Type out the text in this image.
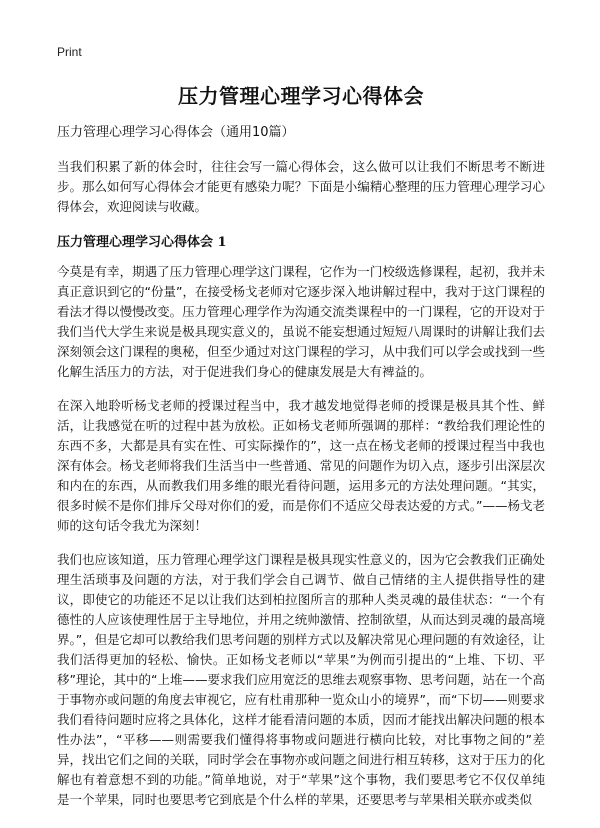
Print
压力管理心理学习心得体会
压力管理心理学习心得体会（通用10篇）

当我们积累了新的体会时，往往会写一篇心得体会，这么做可以让我们不断思考不断进步。那么如何写心得体会才能更有感染力呢？下面是小编精心整理的压力管理心理学习心得体会，欢迎阅读与收藏。

压力管理心理学习心得体会 1

今莫是有幸，期遇了压力管理心理学这门课程，它作为一门校级选修课程，起初，我并未真正意识到它的“份量”，在接受杨戈老师对它逐步深入地讲解过程中，我对于这门课程的看法才得以慢慢改变。压力管理心理学作为沟通交流类课程中的一门课程，它的开设对于我们当代大学生来说是极具现实意义的，虽说不能妄想通过短短八周课时的讲解让我们去深刻领会这门课程的奥秘，但至少通过对这门课程的学习，从中我们可以学会或找到一些化解生活压力的方法，对于促进我们身心的健康发展是大有裨益的。

在深入地聆听杨戈老师的授课过程当中，我才越发地觉得老师的授课是极具其个性、鲜活，让我感觉在听的过程中甚为放松。正如杨戈老师所强调的那样：“教给我们理论性的东西不多，大都是具有实在性、可实际操作的”，这一点在杨戈老师的授课过程当中我也深有体会。杨戈老师将我们生活当中一些普通、常见的问题作为切入点，逐步引出深层次和内在的东西，从而教我们用多维的眼光看待问题，运用多元的方法处理问题。“其实，很多时候不是你们排斥父母对你们的爱，而是你们不适应父母表达爱的方式。”——杨戈老师的这句话令我尤为深刻！

我们也应该知道，压力管理心理学这门课程是极具现实性意义的，因为它会教我们正确处理生活琐事及问题的方法，对于我们学会自己调节、做自己情绪的主人提供指导性的建议，即使它的功能还不足以让我们达到柏拉图所言的那种人类灵魂的最佳状态：“一个有德性的人应该使理性居于主导地位，并用之统帅激情、控制欲望，从而达到灵魂的最高境界。”，但是它却可以教给我们思考问题的别样方式以及解决常见心理问题的有效途径，让我们活得更加的轻松、愉快。正如杨戈老师以“苹果”为例而引提出的“上堆、下切、平移”理论，其中的“上堆——要求我们应用宽泛的思维去观察事物、思考问题，站在一个高于事物亦或问题的角度去审视它，应有杜甫那种一览众山小的境界”，而“下切——则要求我们看待问题时应将之具体化，这样才能看清问题的本质，因而才能找出解决问题的根本性办法”，“平移——则需要我们懂得将事物或问题进行横向比较，对比事物之间的”差异，找出它们之间的关联，同时学会在事物亦或问题之间进行相互转移，这对于压力的化解也有着意想不到的功能。”简单地说，对于“苹果”这个事物，我们要思考它不仅仅单纯是一个苹果，同时也要思考它到底是个什么样的苹果，还要思考与苹果相关联亦或类似
